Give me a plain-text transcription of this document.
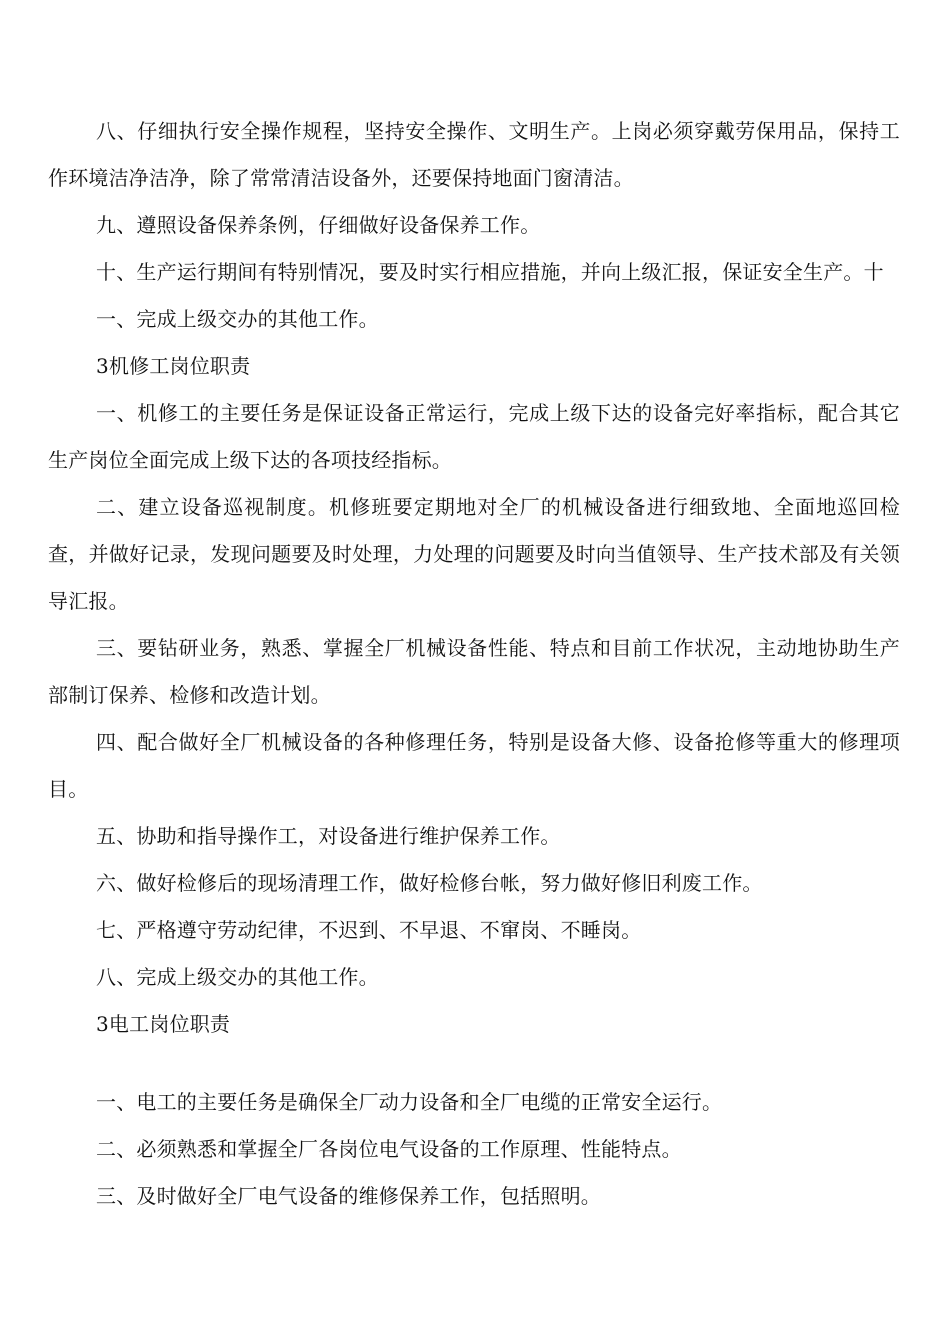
八、仔细执行安全操作规程，坚持安全操作、文明生产。上岗必须穿戴劳保用品，保持工作环境洁净洁净，除了常常清洁设备外，还要保持地面门窗清洁。

九、遵照设备保养条例，仔细做好设备保养工作。

十、生产运行期间有特别情况，要及时实行相应措施，并向上级汇报，保证安全生产。十

一、完成上级交办的其他工作。

3机修工岗位职责

一、机修工的主要任务是保证设备正常运行，完成上级下达的设备完好率指标，配合其它生产岗位全面完成上级下达的各项技经指标。

二、建立设备巡视制度。机修班要定期地对全厂的机械设备进行细致地、全面地巡回检查，并做好记录，发现问题要及时处理，力处理的问题要及时向当值领导、生产技术部及有关领导汇报。

三、要钻研业务，熟悉、掌握全厂机械设备性能、特点和目前工作状况，主动地协助生产部制订保养、检修和改造计划。

四、配合做好全厂机械设备的各种修理任务，特别是设备大修、设备抢修等重大的修理项目。

五、协助和指导操作工，对设备进行维护保养工作。

六、做好检修后的现场清理工作，做好检修台帐，努力做好修旧利废工作。

七、严格遵守劳动纪律，不迟到、不早退、不窜岗、不睡岗。

八、完成上级交办的其他工作。

3电工岗位职责

一、电工的主要任务是确保全厂动力设备和全厂电缆的正常安全运行。

二、必须熟悉和掌握全厂各岗位电气设备的工作原理、性能特点。

三、及时做好全厂电气设备的维修保养工作，包括照明。
